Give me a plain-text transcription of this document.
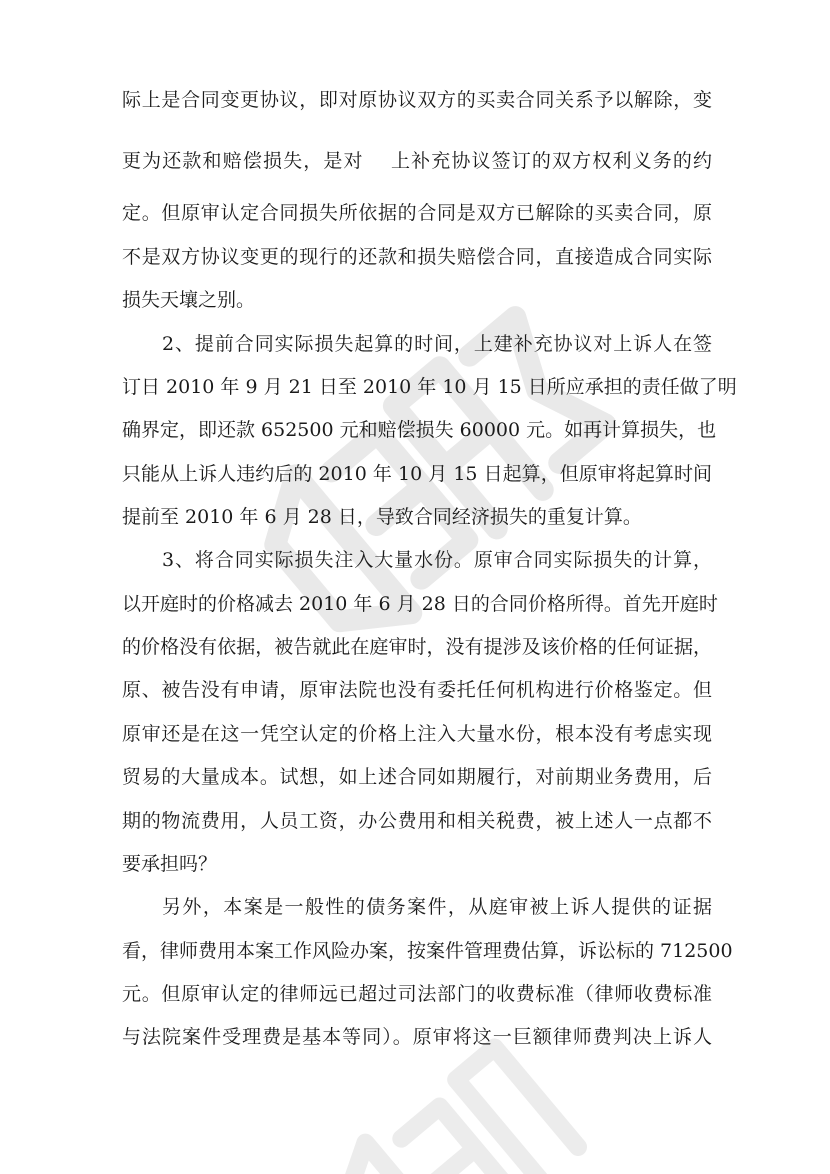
际上是合同变更协议，即对原协议双方的买卖合同关系予以解除，变
更为还款和赔偿损失，是对　 上补充协议签订的双方权利义务的约
定。但原审认定合同损失所依据的合同是双方已解除的买卖合同，原
不是双方协议变更的现行的还款和损失赔偿合同，直接造成合同实际
损失天壤之别。
2、提前合同实际损失起算的时间，上建补充协议对上诉人在签
订日 2010 年 9 月 21 日至 2010 年 10 月 15 日所应承担的责任做了明
确界定，即还款 652500 元和赔偿损失 60000 元。如再计算损失，也
只能从上诉人违约后的 2010 年 10 月 15 日起算，但原审将起算时间
提前至 2010 年 6 月 28 日，导致合同经济损失的重复计算。
3、将合同实际损失注入大量水份。原审合同实际损失的计算，
以开庭时的价格减去 2010 年 6 月 28 日的合同价格所得。首先开庭时
的价格没有依据，被告就此在庭审时，没有提涉及该价格的任何证据，
原、被告没有申请，原审法院也没有委托任何机构进行价格鉴定。但
原审还是在这一凭空认定的价格上注入大量水份，根本没有考虑实现
贸易的大量成本。试想，如上述合同如期履行，对前期业务费用，后
期的物流费用，人员工资，办公费用和相关税费，被上述人一点都不
要承担吗？
另外，本案是一般性的债务案件，从庭审被上诉人提供的证据
看，律师费用本案工作风险办案，按案件管理费估算，诉讼标的 712500
元。但原审认定的律师远已超过司法部门的收费标准（律师收费标准
与法院案件受理费是基本等同）。原审将这一巨额律师费判决上诉人
